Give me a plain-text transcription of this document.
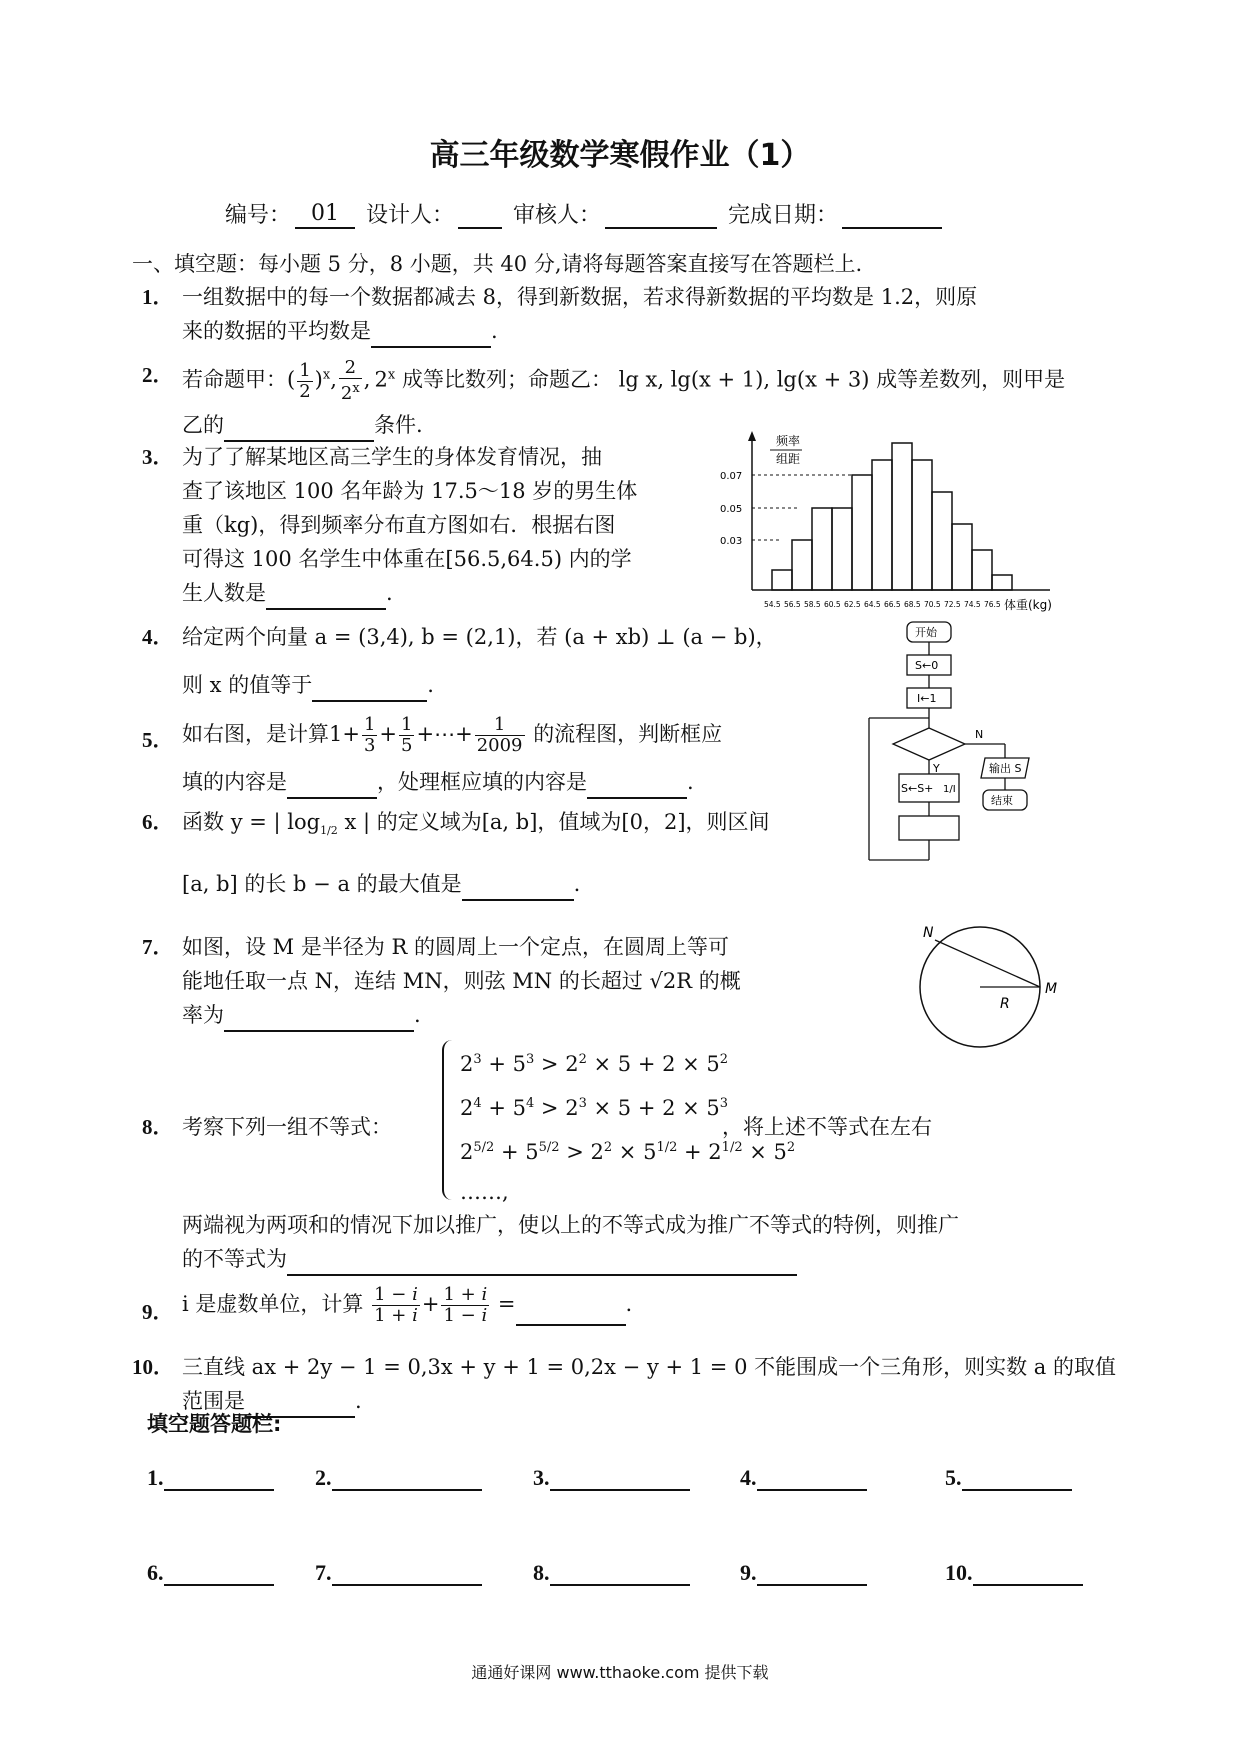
高三年级数学寒假作业（1）
编号： 01 设计人：	审核人：	完成日期：
一、填空题：每小题 5 分，8 小题，共 40 分,请将每题答案直接写在答题栏上.
1． 一组数据中的每一个数据都减去 8，得到新数据，若求得新数据的平均数是 1.2，则原
来的数据的平均数是	.
2． 若命题甲：( $\frac{1}{2} )^x$, $\frac{2}{2^x}$ , 2$^x$ 成等比数列；命题乙： lg x, lg(x + 1), lg(x + 3) 成等差数列，则甲是
乙的	条件.
3． 为了了解某地区高三学生的身体发育情况，抽
查了该地区 100 名年龄为 17.5～18 岁的男生体
重（kg)，得到频率分布直方图如右．根据右图
可得这 100 名学生中体重在[56.5,64.5) 内的学
生人数是	.
频率
组距
0.07
0.05
0.03
54.5 56.5 58.5 60.5 62.5 64.5 66.5 68.5 70.5 72.5 74.5 76.5 体重(kg)
4． 给定两个向量 a = (3,4), b = (2,1)，若 (a + xb) ⊥ (a − b)，
则 x 的值等于	.
5． 如右图，是计算$1+ \frac{1}{3} + \frac{1}{5}$ +⋯+ $\frac{1}{2009}$ 的流程图，判断框应
填的内容是	，处理框应填的内容是	.
开始
S←0
I←1
N
Y
S←S+ 1/I
输出 S
结束
6． 函数 y = | $\log_{1/2} x$ | 的定义域为[a, b]，值域为[0，2]，则区间
[a, b] 的长 b − a 的最大值是	.
7． 如图，设 M 是半径为 R 的圆周上一个定点，在圆周上等可
能地任取一点 N，连结 MN，则弦 MN 的长超过 √2R 的概
率为	.
N
R
M
8． 考察下列一组不等式：
$2^3 + 5^3 > 2^2 \times 5 + 2 \times 5^2$
$2^4 + 5^4 > 2^3 \times 5 + 2 \times 5^3$
$2^{5/2} + 5^{5/2} > 2^2 \times 5^{1/2} + 2^{1/2} \times 5^2$
……,
，将上述不等式在左右
两端视为两项和的情况下加以推广，使以上的不等式成为推广不等式的特例，则推广
的不等式为
9． i 是虚数单位，计算 $\frac{1 - i}{1 + i} + \frac{1 + i}{1 - i}$ =	.
10． 三直线 ax + 2y − 1 = 0,3x + y + 1 = 0,2x − y + 1 = 0 不能围成一个三角形，则实数 a 的取值
范围是	.
填空题答题栏:
1.	2.	3.	4.	5.
6.	7.	8.	9.	10.
通通好课网 www.tthaoke.com 提供下载
